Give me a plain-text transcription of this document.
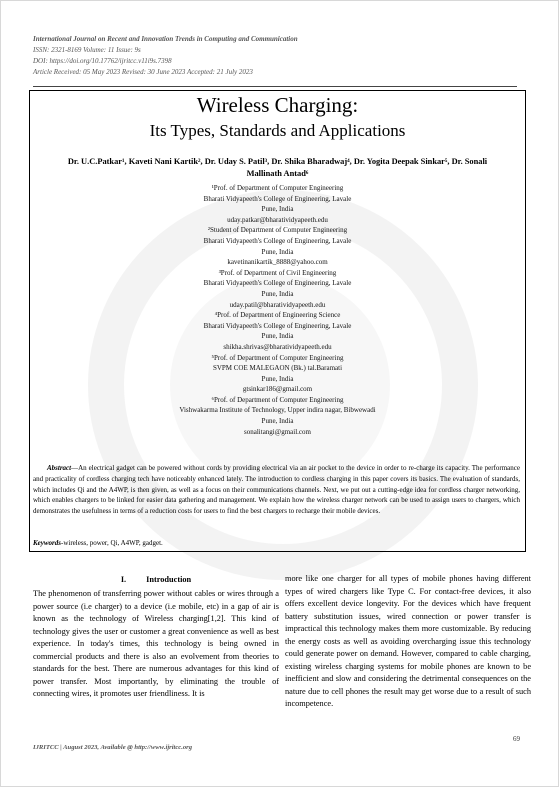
International Journal on Recent and Innovation Trends in Computing and Communication
ISSN: 2321-8169 Volume: 11 Issue: 9s
DOI: https://doi.org/10.17762/ijritcc.v11i9s.7398
Article Received: 05 May 2023 Revised: 30 June 2023 Accepted: 21 July 2023
Wireless Charging:
Its Types, Standards and Applications
Dr. U.C.Patkar¹, Kaveti Nani Kartik², Dr. Uday S. Patil³, Dr. Shika Bharadwaj⁴, Dr. Yogita Deepak Sinkar⁵, Dr. Sonali
Mallinath Antad⁶
¹Prof. of Department of Computer Engineering
Bharati Vidyapeeth's College of Engineering, Lavale
Pune, India
uday.patkar@bharatividyapeeth.edu
²Student of Department of Computer Engineering
Bharati Vidyapeeth's College of Engineering, Lavale
Pune, India
kavetinanikartik_8888@yahoo.com
³Prof. of Department of Civil Engineering
Bharati Vidyapeeth's College of Engineering, Lavale
Pune, India
uday.patil@bharatividyapeeth.edu
⁴Prof. of Department of Engineering Science
Bharati Vidyapeeth's College of Engineering, Lavale
Pune, India
shikha.shrivas@bharatividyapeeth.edu
⁵Prof. of Department of Computer Engineering
SVPM COE MALEGAON (Bk.) tal.Baramati
Pune, India
gtsinkar186@gmail.com
⁶Prof. of Department of Computer Engineering
Vishwakarma Institute of Technology, Upper indira nagar, Bibwewadi
Pune, India
sonalitangi@gmail.com
Abstract—An electrical gadget can be powered without cords by providing electrical via an air pocket to the device in order to re-charge its capacity. The performance and practicality of cordless charging tech have noticeably enhanced lately. The introduction to cordless charging in this paper covers its basics. The evaluation of standards, which includes Qi and the A4WP, is then given, as well as a focus on their communications channels. Next, we put out a cutting-edge idea for cordless charger networking, which enables chargers to be linked for easier data gathering and management. We explain how the wireless charger network can be used to assign users to chargers, which demonstrates the usefulness in terms of a reduction costs for users to find the best chargers to recharge their mobile devices.
Keywords-wireless, power, Qi, A4WP, gadget.
I. Introduction
The phenomenon of transferring power without cables or wires through a power source (i.e charger) to a device (i.e mobile, etc) in a gap of air is known as the technology of Wireless charging[1,2]. This kind of technology gives the user or customer a great convenience as well as best experience. In today's times, this technology is being owned in commercial products and there is also an evolvement from theories to standards for the best. There are numerous advantages for this kind of power transfer. Most importantly, by eliminating the trouble of connecting wires, it promotes user friendliness. It is
more like one charger for all types of mobile phones having different types of wired chargers like Type C. For contact-free devices, it also offers excellent device longevity. For the devices which have frequent battery substitution issues, wired connection or power transfer is impractical this technology makes them more customizable. By reducing the energy costs as well as avoiding overcharging issue this technology could generate power on demand. However, compared to cable charging, existing wireless charging systems for mobile phones are known to be inefficient and slow and considering the detrimental consequences on the nature due to cell phones the result may get worse due to a result of such incompetence.
69
IJRITCC | August 2023, Available @ http://www.ijritcc.org
